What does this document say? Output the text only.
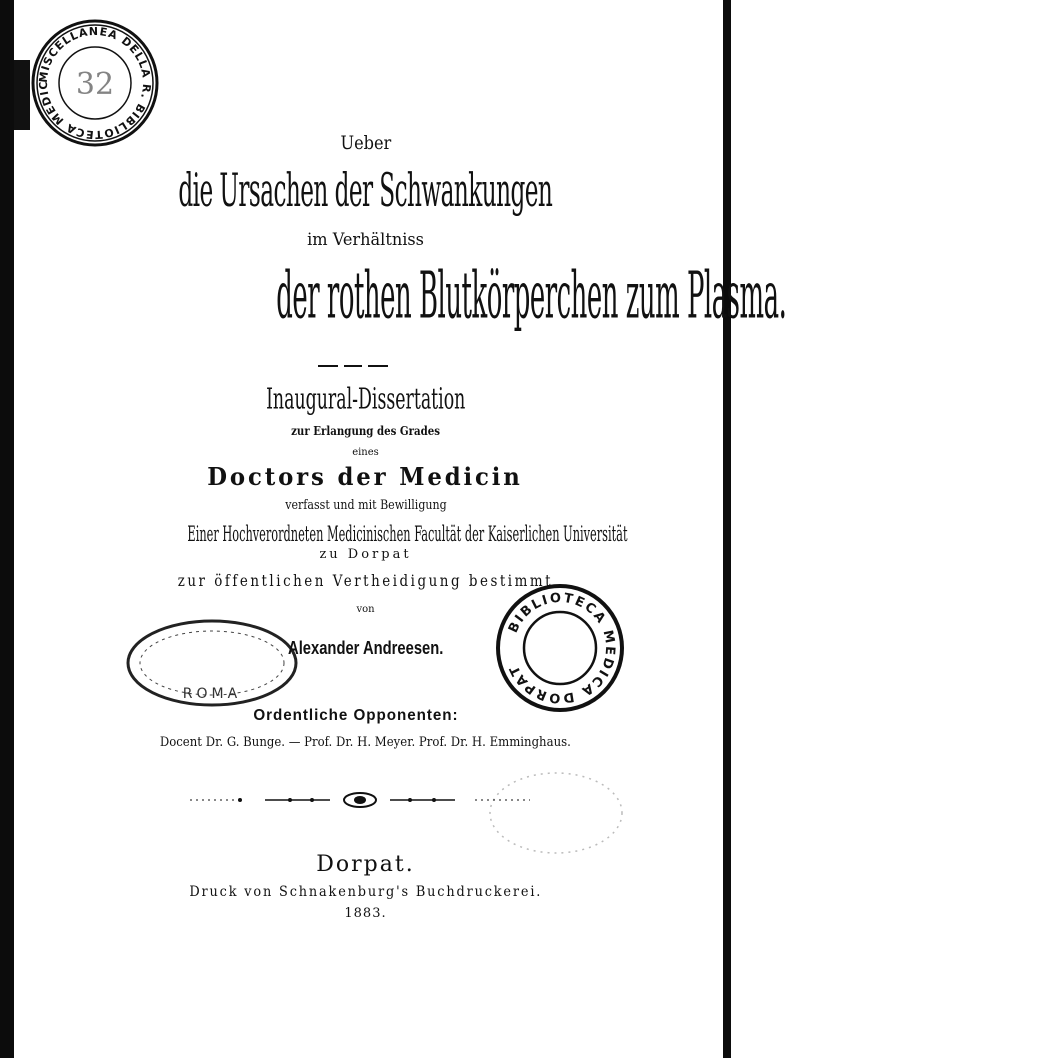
MISCELLANEA DELLA R. BIBLIOTECA MEDIC 32
BIBLIOTECA MEDICA DORPAT
ROMA
Ueber
die Ursachen der Schwankungen
im Verhältniss
der rothen Blutkörperchen zum Plasma.
Inaugural-Dissertation
zur Erlangung des Grades
eines
Doctors der Medicin
verfasst und mit Bewilligung
Einer Hochverordneten Medicinischen Facultät der Kaiserlichen Universität
zu Dorpat
zur öffentlichen Vertheidigung bestimmt
von
Alexander Andreesen.
Ordentliche Opponenten:
Docent Dr. G. Bunge. — Prof. Dr. H. Meyer. Prof. Dr. H. Emminghaus.
Dorpat.
Druck von Schnakenburg's Buchdruckerei.
1883.
